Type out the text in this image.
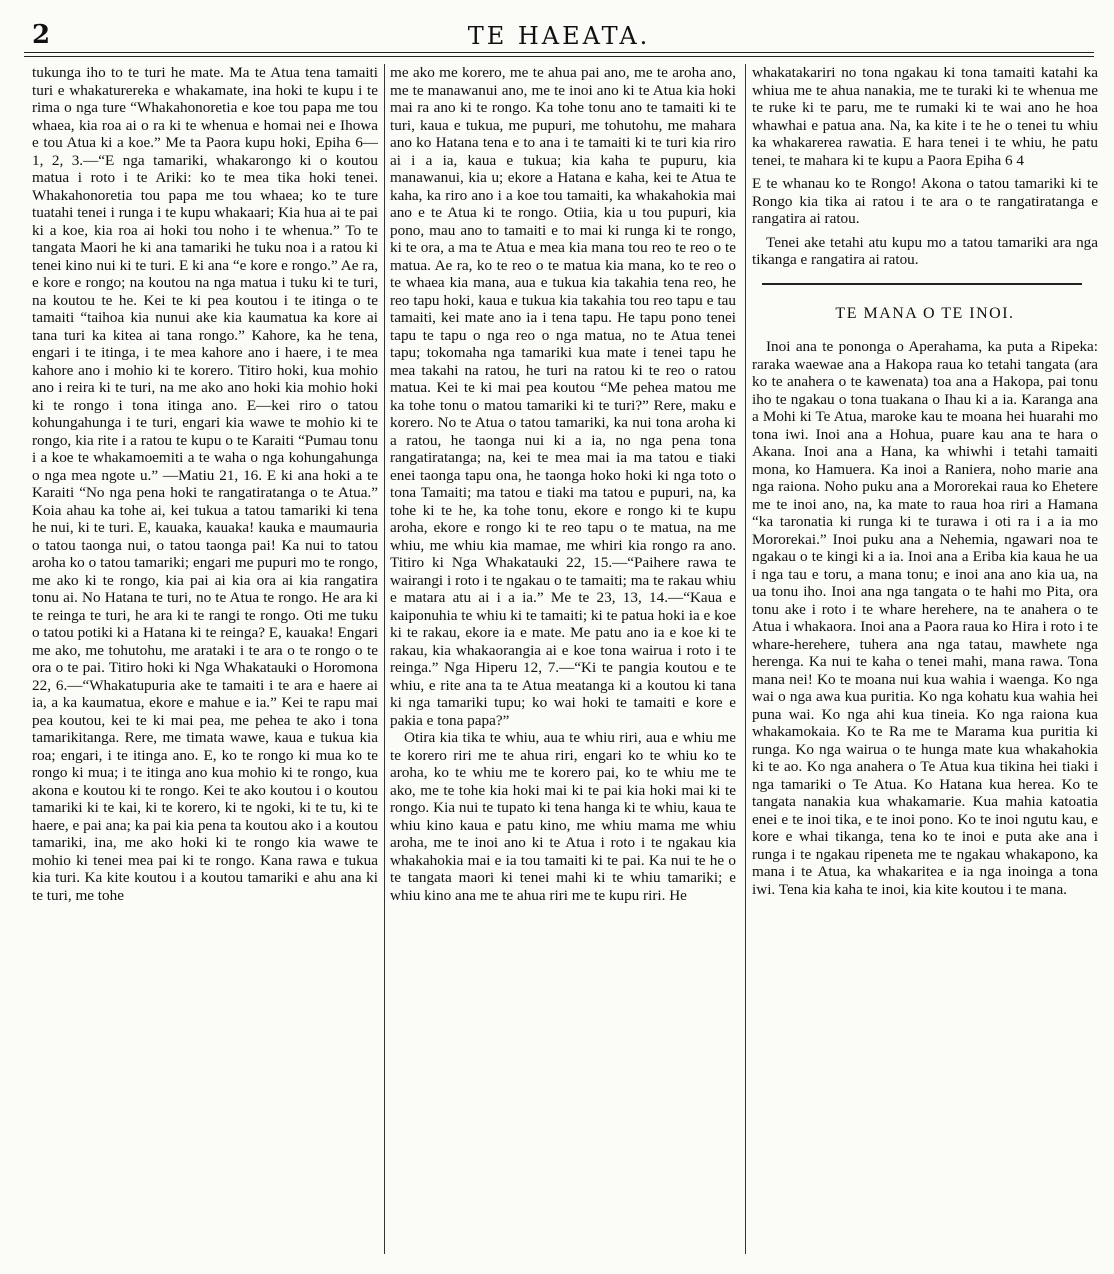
2	TE HAEATA.

tukunga iho to te turi he mate. Ma te Atua tena tamaiti turi e whakaturereka e whakamate, ina hoki te kupu i te rima o nga ture “Whakahonoretia e koe tou papa me tou whaea, kia roa ai o ra ki te whenua e homai nei e Ihowa e tou Atua ki a koe.” Me ta Paora kupu hoki, Epiha 6—1, 2, 3.—“E nga tamariki, whakarongo ki o koutou matua i roto i te Ariki: ko te mea tika hoki tenei. Whakahonoretia tou papa me tou whaea; ko te ture tuatahi tenei i runga i te kupu whakaari; Kia hua ai te pai ki a koe, kia roa ai hoki tou noho i te whenua.” To te tangata Maori he ki ana tamariki he tuku noa i a ratou ki tenei kino nui ki te turi. E ki ana “e kore e rongo.” Ae ra, e kore e rongo; na koutou na nga matua i tuku ki te turi, na koutou te he. Kei te ki pea koutou i te itinga o te tamaiti “taihoa kia nunui ake kia kaumatua ka kore ai tana turi ka kitea ai tana rongo.” Kahore, ka he tena, engari i te itinga, i te mea kahore ano i haere, i te mea kahore ano i mohio ki te korero. Titiro hoki, kua mohio ano i reira ki te turi, na me ako ano hoki kia mohio hoki ki te rongo i tona itinga ano. E—kei riro o tatou kohungahunga i te turi, engari kia wawe te mohio ki te rongo, kia rite i a ratou te kupu o te Karaiti “Pumau tonu i a koe te whakamoemiti a te waha o nga kohungahunga o nga mea ngote u.” —Matiu 21, 16. E ki ana hoki a te Karaiti “No nga pena hoki te rangatiratanga o te Atua.” Koia ahau ka tohe ai, kei tukua a tatou tamariki ki tena he nui, ki te turi. E, kauaka, kauaka! kauka e maumauria o tatou taonga nui, o tatou taonga pai! Ka nui to tatou aroha ko o tatou tamariki; engari me pupuri mo te rongo, me ako ki te rongo, kia pai ai kia ora ai kia rangatira tonu ai. No Hatana te turi, no te Atua te rongo. He ara ki te reinga te turi, he ara ki te rangi te rongo. Oti me tuku o tatou potiki ki a Hatana ki te reinga? E, kauaka! Engari me ako, me tohutohu, me arataki i te ara o te rongo o te ora o te pai. Titiro hoki ki Nga Whakatauki o Horomona 22, 6.—“Whakatupuria ake te tamaiti i te ara e haere ai ia, a ka kaumatua, ekore e mahue e ia.” Kei te rapu mai pea koutou, kei te ki mai pea, me pehea te ako i tona tamarikitanga. Rere, me timata wawe, kaua e tukua kia roa; engari, i te itinga ano. E, ko te rongo ki mua ko te rongo ki mua; i te itinga ano kua mohio ki te rongo, kua akona e koutou ki te rongo. Kei te ako koutou i o koutou tamariki ki te kai, ki te korero, ki te ngoki, ki te tu, ki te haere, e pai ana; ka pai kia pena ta koutou ako i a koutou tamariki, ina, me ako hoki ki te rongo kia wawe te mohio ki tenei mea pai ki te rongo. Kana rawa e tukua kia turi. Ka kite koutou i a koutou tamariki e ahu ana ki te turi, me tohe

me ako me korero, me te ahua pai ano, me te aroha ano, me te manawanui ano, me te inoi ano ki te Atua kia hoki mai ra ano ki te rongo. Ka tohe tonu ano te tamaiti ki te turi, kaua e tukua, me pupuri, me tohutohu, me mahara ano ko Hatana tena e to ana i te tamaiti ki te turi kia riro ai i a ia, kaua e tukua; kia kaha te pupuru, kia manawanui, kia u; ekore a Hatana e kaha, kei te Atua te kaha, ka riro ano i a koe tou tamaiti, ka whakahokia mai ano e te Atua ki te rongo. Otiia, kia u tou pupuri, kia pono, mau ano to tamaiti e to mai ki runga ki te rongo, ki te ora, a ma te Atua e mea kia mana tou reo te reo o te matua. Ae ra, ko te reo o te matua kia mana, ko te reo o te whaea kia mana, aua e tukua kia takahia tena reo, he reo tapu hoki, kaua e tukua kia takahia tou reo tapu e tau tamaiti, kei mate ano ia i tena tapu. He tapu pono tenei tapu te tapu o nga reo o nga matua, no te Atua tenei tapu; tokomaha nga tamariki kua mate i tenei tapu he mea takahi na ratou, he turi na ratou ki te reo o ratou matua. Kei te ki mai pea koutou “Me pehea matou me ka tohe tonu o matou tamariki ki te turi?” Rere, maku e korero. No te Atua o tatou tamariki, ka nui tona aroha ki a ratou, he taonga nui ki a ia, no nga pena tona rangatiratanga; na, kei te mea mai ia ma tatou e tiaki enei taonga tapu ona, he taonga hoko hoki ki nga toto o tona Tamaiti; ma tatou e tiaki ma tatou e pupuri, na, ka tohe ki te he, ka tohe tonu, ekore e rongo ki te kupu aroha, ekore e rongo ki te reo tapu o te matua, na me whiu, me whiu kia mamae, me whiri kia rongo ra ano. Titiro ki Nga Whakatauki 22, 15.—“Paihere rawa te wairangi i roto i te ngakau o te tamaiti; ma te rakau whiu e matara atu ai i a ia.” Me te 23, 13, 14.—“Kaua e kaiponuhia te whiu ki te tamaiti; ki te patua hoki ia e koe ki te rakau, ekore ia e mate. Me patu ano ia e koe ki te rakau, kia whakaorangia ai e koe tona wairua i roto i te reinga.” Nga Hiperu 12, 7.—“Ki te pangia koutou e te whiu, e rite ana ta te Atua meatanga ki a koutou ki tana ki nga tamariki tupu; ko wai hoki te tamaiti e kore e pakia e tona papa?”

Otira kia tika te whiu, aua te whiu riri, aua e whiu me te korero riri me te ahua riri, engari ko te whiu ko te aroha, ko te whiu me te korero pai, ko te whiu me te ako, me te tohe kia hoki mai ki te pai kia hoki mai ki te rongo. Kia nui te tupato ki tena hanga ki te whiu, kaua te whiu kino kaua e patu kino, me whiu mama me whiu aroha, me te inoi ano ki te Atua i roto i te ngakau kia whakahokia mai e ia tou tamaiti ki te pai. Ka nui te he o te tangata maori ki tenei mahi ki te whiu tamariki; e whiu kino ana me te ahua riri me te kupu riri. He

whakatakariri no tona ngakau ki tona tamaiti katahi ka whiua me te ahua nanakia, me te turaki ki te whenua me te ruke ki te paru, me te rumaki ki te wai ano he hoa whawhai e patua ana. Na, ka kite i te he o tenei tu whiu ka whakarerea rawatia. E hara tenei i te whiu, he patu tenei, te mahara ki te kupu a Paora Epiha 6 4

E te whanau ko te Rongo! Akona o tatou tamariki ki te Rongo kia tika ai ratou i te ara o te rangatiratanga e rangatira ai ratou.

Tenei ake tetahi atu kupu mo a tatou tamariki ara nga tikanga e rangatira ai ratou.

TE MANA O TE INOI.

Inoi ana te pononga o Aperahama, ka puta a Ripeka: raraka waewae ana a Hakopa raua ko tetahi tangata (ara ko te anahera o te kawenata) toa ana a Hakopa, pai tonu iho te ngakau o tona tuakana o Ihau ki a ia. Karanga ana a Mohi ki Te Atua, maroke kau te moana hei huarahi mo tona iwi. Inoi ana a Hohua, puare kau ana te hara o Akana. Inoi ana a Hana, ka whiwhi i tetahi tamaiti mona, ko Hamuera. Ka inoi a Raniera, noho marie ana nga raiona. Noho puku ana a Mororekai raua ko Ehetere me te inoi ano, na, ka mate to raua hoa riri a Hamana “ka taronatia ki runga ki te turawa i oti ra i a ia mo Mororekai.” Inoi puku ana a Nehemia, ngawari noa te ngakau o te kingi ki a ia. Inoi ana a Eriba kia kaua he ua i nga tau e toru, a mana tonu; e inoi ana ano kia ua, na ua tonu iho. Inoi ana nga tangata o te hahi mo Pita, ora tonu ake i roto i te whare herehere, na te anahera o te Atua i whakaora. Inoi ana a Paora raua ko Hira i roto i te whare-herehere, tuhera ana nga tatau, mawhete nga herenga. Ka nui te kaha o tenei mahi, mana rawa. Tona mana nei! Ko te moana nui kua wahia i waenga. Ko nga wai o nga awa kua puritia. Ko nga kohatu kua wahia hei puna wai. Ko nga ahi kua tineia. Ko nga raiona kua whakamokaia. Ko te Ra me te Marama kua puritia ki runga. Ko nga wairua o te hunga mate kua whakahokia ki te ao. Ko nga anahera o Te Atua kua tikina hei tiaki i nga tamariki o Te Atua. Ko Hatana kua herea. Ko te tangata nanakia kua whakamarie. Kua mahia katoatia enei e te inoi tika, e te inoi pono. Ko te inoi ngutu kau, e kore e whai tikanga, tena ko te inoi e puta ake ana i runga i te ngakau ripeneta me te ngakau whakapono, ka mana i te Atua, ka whakaritea e ia nga inoinga a tona iwi. Tena kia kaha te inoi, kia kite koutou i te mana.
